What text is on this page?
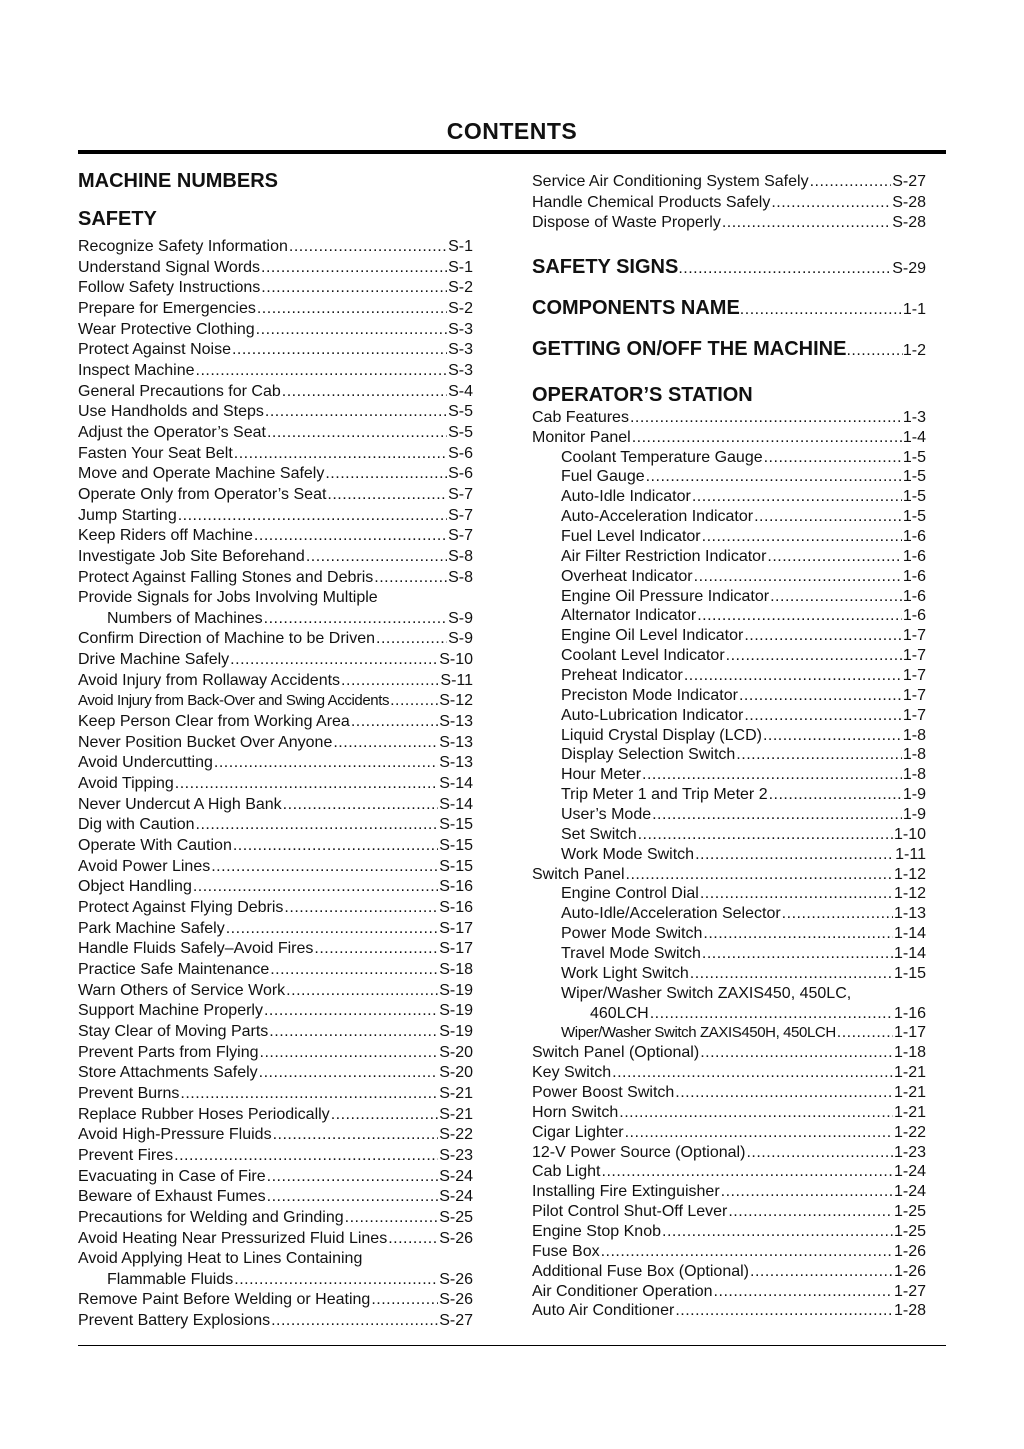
CONTENTS
MACHINE NUMBERS
SAFETY
Recognize Safety Information .....	S-1
Understand Signal Words .....	S-1
Follow Safety Instructions .....	S-2
Prepare for Emergencies .....	S-2
Wear Protective Clothing .....	S-3
Protect Against Noise .....	S-3
Inspect Machine .....	S-3
General Precautions for Cab .....	S-4
Use Handholds and Steps .....	S-5
Adjust the Operator’s Seat .....	S-5
Fasten Your Seat Belt .....	S-6
Move and Operate Machine Safely .....	S-6
Operate Only from Operator’s Seat .....	S-7
Jump Starting .....	S-7
Keep Riders off Machine .....	S-7
Investigate Job Site Beforehand .....	S-8
Protect Against Falling Stones and Debris .....	S-8
Provide Signals for Jobs Involving Multiple
Numbers of Machines .....	S-9
Confirm Direction of Machine to be Driven .....	S-9
Drive Machine Safely .....	S-10
Avoid Injury from Rollaway Accidents .....	S-11
Avoid Injury from Back-Over and Swing Accidents .....	S-12
Keep Person Clear from Working Area .....	S-13
Never Position Bucket Over Anyone .....	S-13
Avoid Undercutting .....	S-13
Avoid Tipping .....	S-14
Never Undercut A High Bank .....	S-14
Dig with Caution .....	S-15
Operate With Caution .....	S-15
Avoid Power Lines .....	S-15
Object Handling .....	S-16
Protect Against Flying Debris .....	S-16
Park Machine Safely .....	S-17
Handle Fluids Safely–Avoid Fires .....	S-17
Practice Safe Maintenance .....	S-18
Warn Others of Service Work .....	S-19
Support Machine Properly .....	S-19
Stay Clear of Moving Parts .....	S-19
Prevent Parts from Flying .....	S-20
Store Attachments Safely .....	S-20
Prevent Burns .....	S-21
Replace Rubber Hoses Periodically .....	S-21
Avoid High-Pressure Fluids .....	S-22
Prevent Fires .....	S-23
Evacuating in Case of Fire .....	S-24
Beware of Exhaust Fumes .....	S-24
Precautions for Welding and Grinding .....	S-25
Avoid Heating Near Pressurized Fluid Lines .....	S-26
Avoid Applying Heat to Lines Containing
Flammable Fluids .....	S-26
Remove Paint Before Welding or Heating .....	S-26
Prevent Battery Explosions .....	S-27
Service Air Conditioning System Safely .....	S-27
Handle Chemical Products Safely .....	S-28
Dispose of Waste Properly .....	S-28
SAFETY SIGNS .....	S-29
COMPONENTS NAME .....	1-1
GETTING ON/OFF THE MACHINE .....	1-2
OPERATOR’S STATION
Cab Features .....	1-3
Monitor Panel .....	1-4
Coolant Temperature Gauge .....	1-5
Fuel Gauge .....	1-5
Auto-Idle Indicator .....	1-5
Auto-Acceleration Indicator .....	1-5
Fuel Level Indicator .....	1-6
Air Filter Restriction Indicator .....	1-6
Overheat Indicator .....	1-6
Engine Oil Pressure Indicator .....	1-6
Alternator Indicator .....	1-6
Engine Oil Level Indicator .....	1-7
Coolant Level Indicator .....	1-7
Preheat Indicator .....	1-7
Preciston Mode Indicator .....	1-7
Auto-Lubrication Indicator .....	1-7
Liquid Crystal Display (LCD) .....	1-8
Display Selection Switch .....	1-8
Hour Meter .....	1-8
Trip Meter 1 and Trip Meter 2 .....	1-9
User’s Mode .....	1-9
Set Switch .....	1-10
Work Mode Switch .....	1-11
Switch Panel .....	1-12
Engine Control Dial .....	1-12
Auto-Idle/Acceleration Selector .....	1-13
Power Mode Switch .....	1-14
Travel Mode Switch .....	1-14
Work Light Switch .....	1-15
Wiper/Washer Switch ZAXIS450, 450LC,
460LCH .....	1-16
Wiper/Washer Switch ZAXIS450H, 450LCH .....	1-17
Switch Panel (Optional) .....	1-18
Key Switch .....	1-21
Power Boost Switch .....	1-21
Horn Switch .....	1-21
Cigar Lighter .....	1-22
12-V Power Source (Optional) .....	1-23
Cab Light .....	1-24
Installing Fire Extinguisher .....	1-24
Pilot Control Shut-Off Lever .....	1-25
Engine Stop Knob .....	1-25
Fuse Box .....	1-26
Additional Fuse Box (Optional) .....	1-26
Air Conditioner Operation .....	1-27
Auto Air Conditioner .....	1-28
